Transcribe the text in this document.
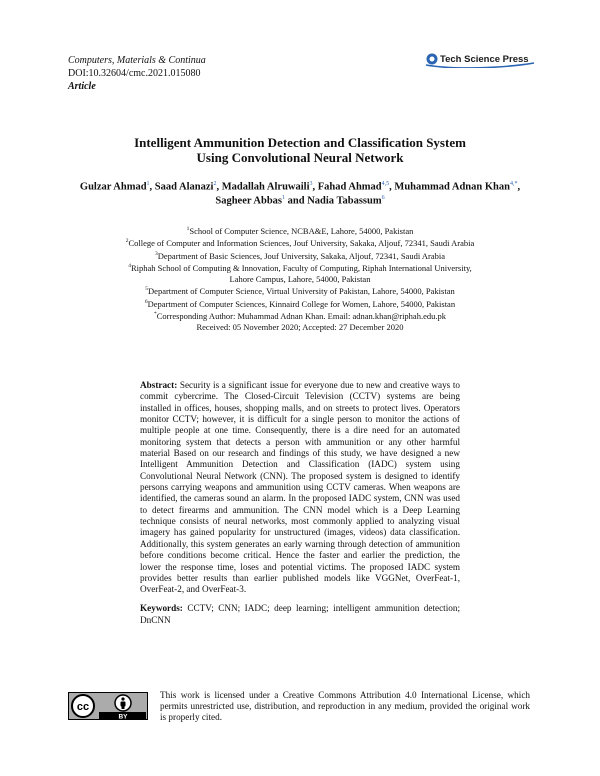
Computers, Materials & Continua
DOI:10.32604/cmc.2021.015080
Article
Tech Science Press
Intelligent Ammunition Detection and Classification System
Using Convolutional Neural Network
Gulzar Ahmad$^1$, Saad Alanazi$^2$, Madallah Alruwaili$^3$, Fahad Ahmad$^{4,5}$, Muhammad Adnan Khan$^{4,*}$,
Sagheer Abbas$^1$ and Nadia Tabassum$^6$
$^1$School of Computer Science, NCBA&E, Lahore, 54000, Pakistan
$^2$College of Computer and Information Sciences, Jouf University, Sakaka, Aljouf, 72341, Saudi Arabia
$^3$Department of Basic Sciences, Jouf University, Sakaka, Aljouf, 72341, Saudi Arabia
$^4$Riphah School of Computing & Innovation, Faculty of Computing, Riphah International University,
Lahore Campus, Lahore, 54000, Pakistan
$^5$Department of Computer Science, Virtual University of Pakistan, Lahore, 54000, Pakistan
$^6$Department of Computer Sciences, Kinnaird College for Women, Lahore, 54000, Pakistan
*Corresponding Author: Muhammad Adnan Khan. Email: adnan.khan@riphah.edu.pk
Received: 05 November 2020; Accepted: 27 December 2020
Abstract: Security is a significant issue for everyone due to new and creative ways to commit cybercrime. The Closed-Circuit Television (CCTV) systems are being installed in offices, houses, shopping malls, and on streets to protect lives. Operators monitor CCTV; however, it is difficult for a single person to monitor the actions of multiple people at one time. Consequently, there is a dire need for an automated monitoring system that detects a person with ammunition or any other harmful material Based on our research and findings of this study, we have designed a new Intelligent Ammunition Detection and Classification (IADC) system using Convolutional Neural Network (CNN). The proposed system is designed to identify persons carrying weapons and ammunition using CCTV cameras. When weapons are identified, the cameras sound an alarm. In the proposed IADC system, CNN was used to detect firearms and ammunition. The CNN model which is a Deep Learning technique consists of neural networks, most commonly applied to analyzing visual imagery has gained popularity for unstructured (images, videos) data classification. Additionally, this system generates an early warning through detection of ammunition before conditions become critical. Hence the faster and earlier the prediction, the lower the response time, loses and potential victims. The proposed IADC system provides better results than earlier published models like VGGNet, OverFeat-1, OverFeat-2, and OverFeat-3.
Keywords: CCTV; CNN; IADC; deep learning; intelligent ammunition detection; DnCNN
cc
BY
This work is licensed under a Creative Commons Attribution 4.0 International License, which permits unrestricted use, distribution, and reproduction in any medium, provided the original work is properly cited.
